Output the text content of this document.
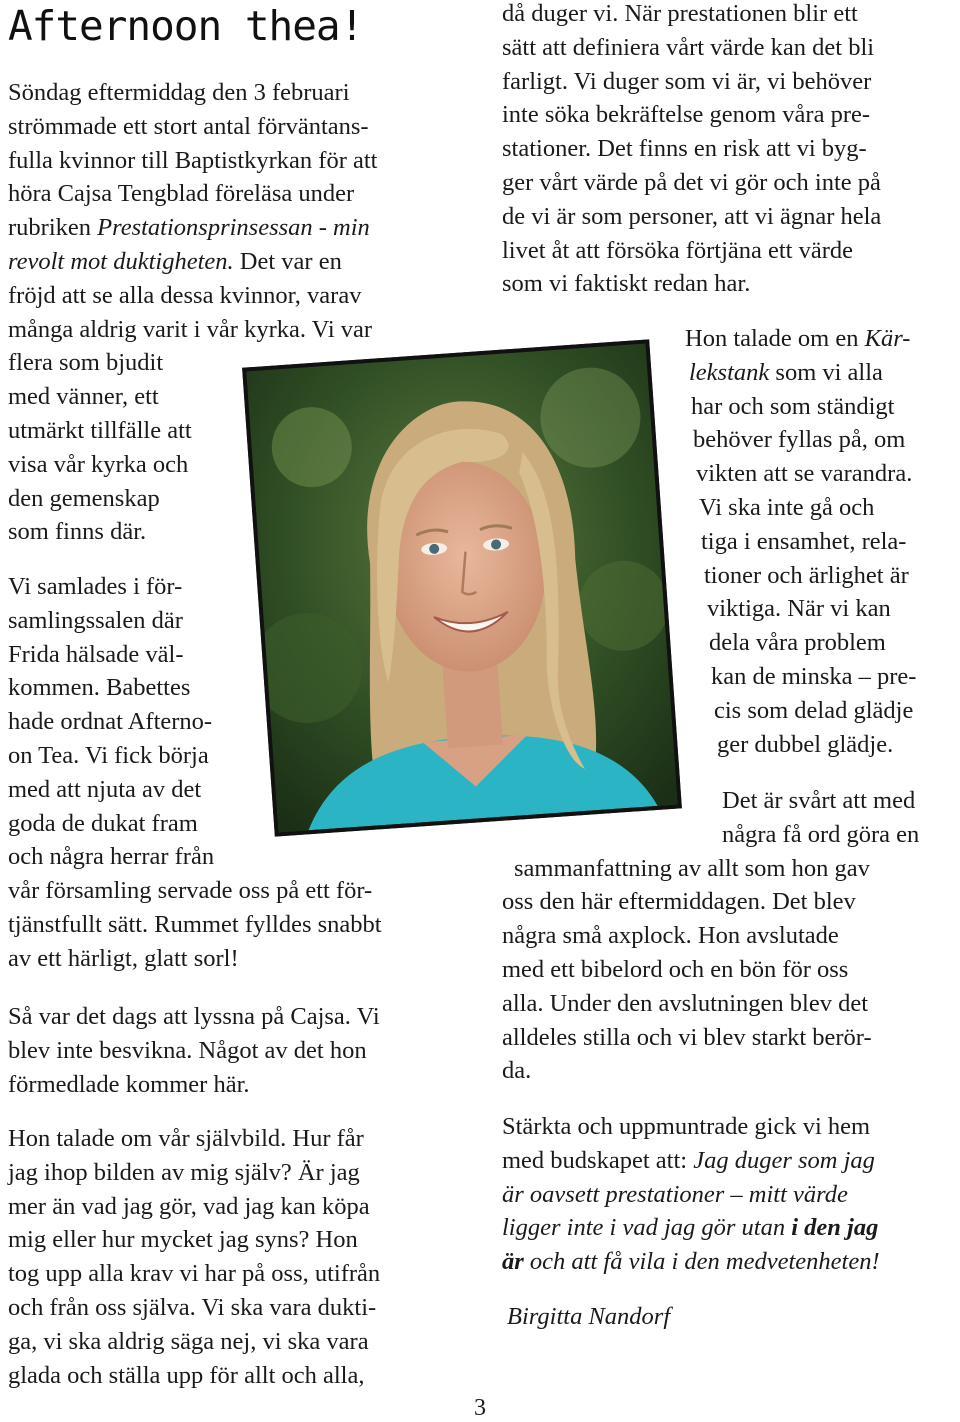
Afternoon thea!
Söndag eftermiddag den 3 februari
strömmade ett stort antal förväntans-
fulla kvinnor till Baptistkyrkan för att
höra Cajsa Tengblad föreläsa under
rubriken Prestationsprinsessan - min
revolt mot duktigheten. Det var en
fröjd att se alla dessa kvinnor, varav
många aldrig varit i vår kyrka. Vi var
flera som bjudit
med vänner, ett
utmärkt tillfälle att
visa vår kyrka och
den gemenskap
som finns där.
Vi samlades i för-
samlingssalen där
Frida hälsade väl-
kommen. Babettes
hade ordnat Afterno-
on Tea. Vi fick börja
med att njuta av det
goda de dukat fram
och några herrar från
vår församling servade oss på ett för-
tjänstfullt sätt. Rummet fylldes snabbt
av ett härligt, glatt sorl!
Så var det dags att lyssna på Cajsa. Vi
blev inte besvikna. Något av det hon
förmedlade kommer här.
Hon talade om vår självbild. Hur får
jag ihop bilden av mig själv? Är jag
mer än vad jag gör, vad jag kan köpa
mig eller hur mycket jag syns? Hon
tog upp alla krav vi har på oss, utifrån
och från oss själva. Vi ska vara dukti-
ga, vi ska aldrig säga nej, vi ska vara
glada och ställa upp för allt och alla,
då duger vi. När prestationen blir ett
sätt att definiera vårt värde kan det bli
farligt. Vi duger som vi är, vi behöver
inte söka bekräftelse genom våra pre-
stationer. Det finns en risk att vi byg-
ger vårt värde på det vi gör och inte på
de vi är som personer, att vi ägnar hela
livet åt att försöka förtjäna ett värde
som vi faktiskt redan har.
Hon talade om en Kär-
lekstank som vi alla
har och som ständigt
behöver fyllas på, om
vikten att se varandra.
Vi ska inte gå och
tiga i ensamhet, rela-
tioner och ärlighet är
viktiga. När vi kan
dela våra problem
kan de minska – pre-
cis som delad glädje
ger dubbel glädje.
Det är svårt att med
några få ord göra en
sammanfattning av allt som hon gav
oss den här eftermiddagen. Det blev
några små axplock. Hon avslutade
med ett bibelord och en bön för oss
alla. Under den avslutningen blev det
alldeles stilla och vi blev starkt berör-
da.
Stärkta och uppmuntrade gick vi hem
med budskapet att: Jag duger som jag
är oavsett prestationer – mitt värde
ligger inte i vad jag gör utan i den jag
är och att få vila i den medvetenheten!
Birgitta Nandorf
3
